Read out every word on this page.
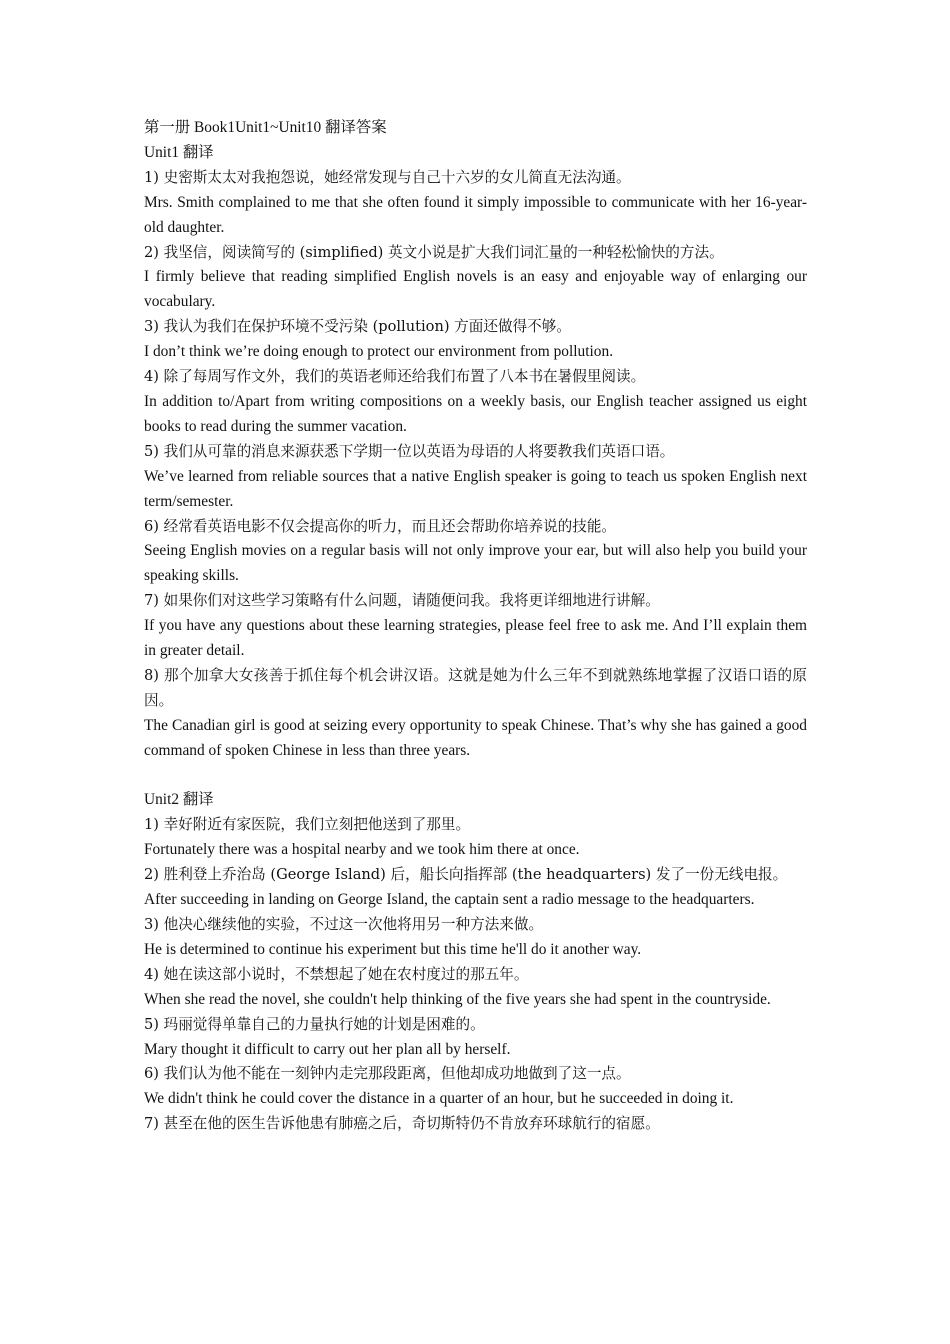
第一册 Book1Unit1~Unit10 翻译答案

Unit1 翻译

1) 史密斯太太对我抱怨说，她经常发现与自己十六岁的女儿简直无法沟通。

Mrs. Smith complained to me that she often found it simply impossible to communicate with her 16-year-old daughter.

2) 我坚信，阅读简写的 (simplified) 英文小说是扩大我们词汇量的一种轻松愉快的方法。

I firmly believe that reading simplified English novels is an easy and enjoyable way of enlarging our vocabulary.

3) 我认为我们在保护环境不受污染 (pollution) 方面还做得不够。

I don’t think we’re doing enough to protect our environment from pollution.

4) 除了每周写作文外，我们的英语老师还给我们布置了八本书在暑假里阅读。

In addition to/Apart from writing compositions on a weekly basis, our English teacher assigned us eight books to read during the summer vacation.

5) 我们从可靠的消息来源获悉下学期一位以英语为母语的人将要教我们英语口语。

We’ve learned from reliable sources that a native English speaker is going to teach us spoken English next term/semester.

6) 经常看英语电影不仅会提高你的听力，而且还会帮助你培养说的技能。

Seeing English movies on a regular basis will not only improve your ear, but will also help you build your speaking skills.

7) 如果你们对这些学习策略有什么问题，请随便问我。我将更详细地进行讲解。

If you have any questions about these learning strategies, please feel free to ask me. And I’ll explain them in greater detail.

8) 那个加拿大女孩善于抓住每个机会讲汉语。这就是她为什么三年不到就熟练地掌握了汉语口语的原因。

The Canadian girl is good at seizing every opportunity to speak Chinese. That’s why she has gained a good command of spoken Chinese in less than three years.

Unit2 翻译

1) 幸好附近有家医院，我们立刻把他送到了那里。

Fortunately there was a hospital nearby and we took him there at once.

2) 胜利登上乔治岛 (George Island) 后，船长向指挥部 (the headquarters) 发了一份无线电报。

After succeeding in landing on George Island, the captain sent a radio message to the headquarters.

3) 他决心继续他的实验，不过这一次他将用另一种方法来做。

He is determined to continue his experiment but this time he'll do it another way.

4) 她在读这部小说时，不禁想起了她在农村度过的那五年。

When she read the novel, she couldn't help thinking of the five years she had spent in the countryside.

5) 玛丽觉得单靠自己的力量执行她的计划是困难的。

Mary thought it difficult to carry out her plan all by herself.

6) 我们认为他不能在一刻钟内走完那段距离，但他却成功地做到了这一点。

We didn't think he could cover the distance in a quarter of an hour, but he succeeded in doing it.

7) 甚至在他的医生告诉他患有肺癌之后，奇切斯特仍不肯放弃环球航行的宿愿。
